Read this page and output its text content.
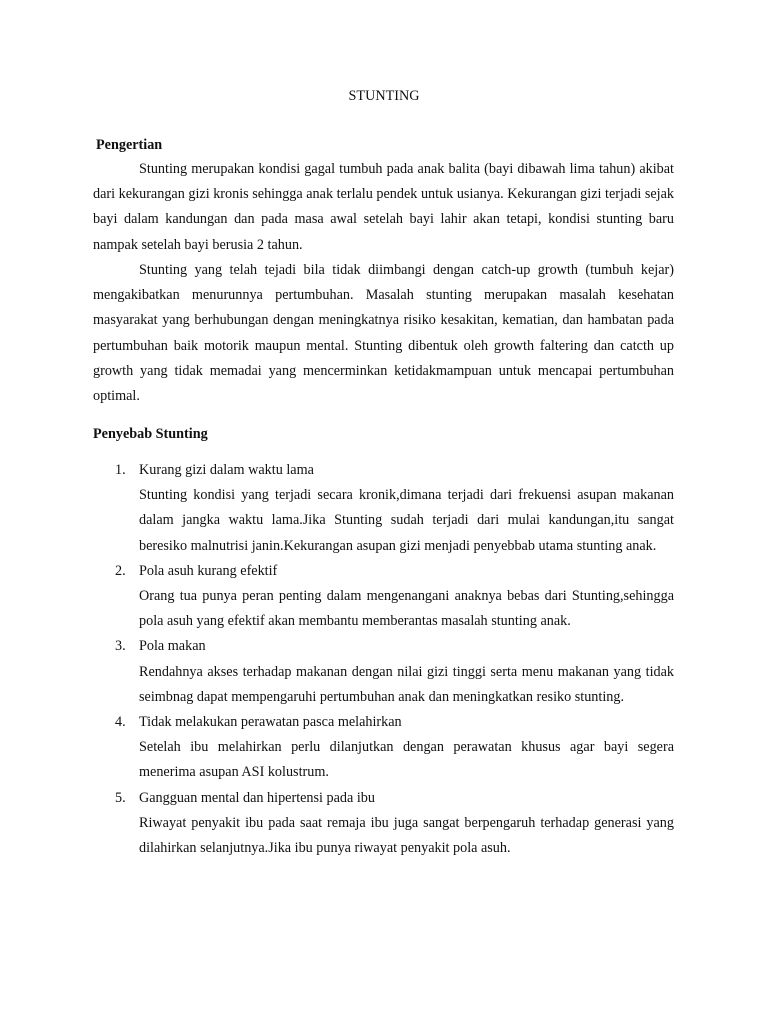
STUNTING
Pengertian

Stunting merupakan kondisi gagal tumbuh pada anak balita (bayi dibawah lima tahun) akibat dari kekurangan gizi kronis sehingga anak terlalu pendek untuk usianya. Kekurangan gizi terjadi sejak bayi dalam kandungan dan pada masa awal setelah bayi lahir akan tetapi, kondisi stunting baru nampak setelah bayi berusia 2 tahun.

Stunting yang telah tejadi bila tidak diimbangi dengan catch-up growth (tumbuh kejar) mengakibatkan menurunnya pertumbuhan. Masalah stunting merupakan masalah kesehatan masyarakat yang berhubungan dengan meningkatnya risiko kesakitan, kematian, dan hambatan pada pertumbuhan baik motorik maupun mental. Stunting dibentuk oleh growth faltering dan catcth up growth yang tidak memadai yang mencerminkan ketidakmampuan untuk mencapai pertumbuhan optimal.

Penyebab Stunting
1. Kurang gizi dalam waktu lama
Stunting kondisi yang terjadi secara kronik,dimana terjadi dari frekuensi asupan makanan dalam jangka waktu lama.Jika Stunting sudah terjadi dari mulai kandungan,itu sangat beresiko malnutrisi janin.Kekurangan asupan gizi menjadi penyebbab utama stunting anak.
2. Pola asuh kurang efektif
Orang tua punya peran penting dalam mengenangani anaknya bebas dari Stunting,sehingga pola asuh yang efektif akan membantu memberantas masalah stunting anak.
3. Pola makan
Rendahnya akses terhadap makanan dengan nilai gizi tinggi serta menu makanan yang tidak seimbnag dapat mempengaruhi pertumbuhan anak dan meningkatkan resiko stunting.
4. Tidak melakukan perawatan pasca melahirkan
Setelah ibu melahirkan perlu dilanjutkan dengan perawatan khusus agar bayi segera menerima asupan ASI kolustrum.
5. Gangguan mental dan hipertensi pada ibu
Riwayat penyakit ibu pada saat remaja ibu juga sangat berpengaruh terhadap generasi yang dilahirkan selanjutnya.Jika ibu punya riwayat penyakit pola asuh.
